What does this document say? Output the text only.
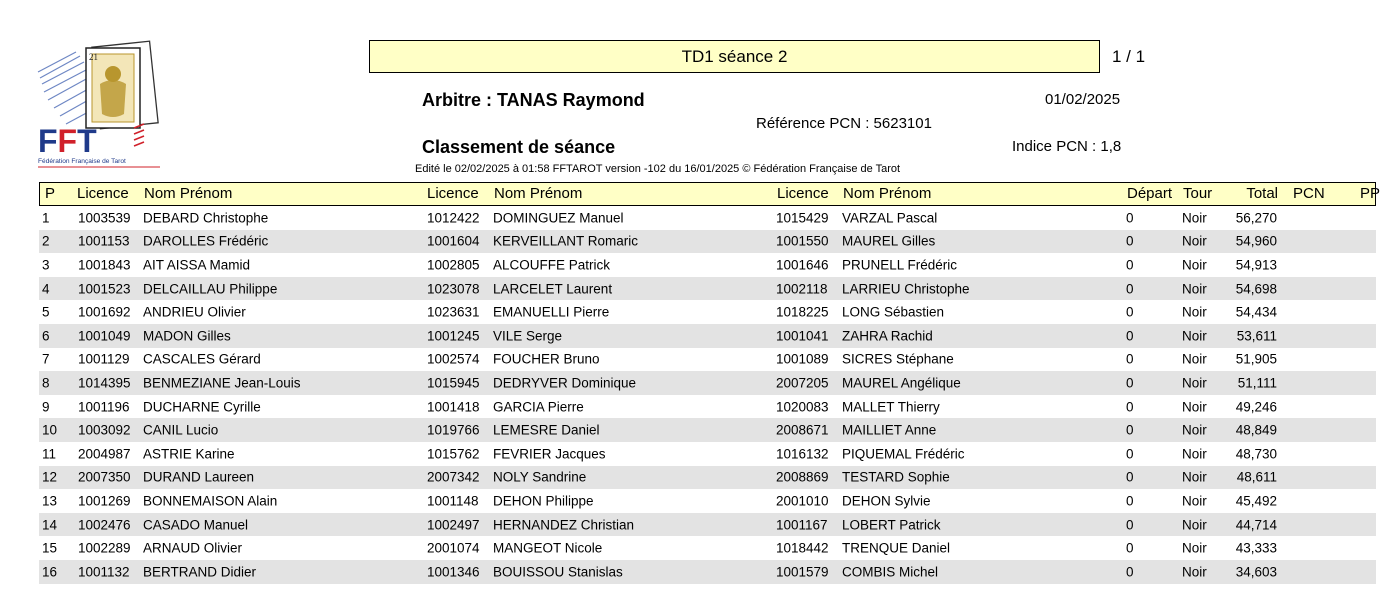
21
FFT
Fédération Française de Tarot
TD1 séance 2	1 / 1
Arbitre : TANAS Raymond	01/02/2025
Référence PCN : 5623101
Classement de séance	Indice PCN : 1,8
Edité le 02/02/2025 à 01:58 FFTAROT version -102 du 16/01/2025 © Fédération Française de Tarot
P Licence Nom Prénom	Licence Nom Prénom	Licence Nom Prénom	Départ Tour Total PCN PP
1 1003539 DEBARD Christophe	1012422 DOMINGUEZ Manuel	1015429 VARZAL Pascal	0	Noir 56,270
2 1001153 DAROLLES Frédéric	1001604 KERVEILLANT Romaric	1001550 MAUREL Gilles	0	Noir 54,960
3 1001843 AIT AISSA Mamid	1002805 ALCOUFFE Patrick	1001646 PRUNELL Frédéric	0	Noir 54,913
4 1001523 DELCAILLAU Philippe	1023078 LARCELET Laurent	1002118 LARRIEU Christophe	0	Noir 54,698
5 1001692 ANDRIEU Olivier	1023631 EMANUELLI Pierre	1018225 LONG Sébastien	0	Noir 54,434
6 1001049 MADON Gilles	1001245 VILE Serge	1001041 ZAHRA Rachid	0	Noir 53,611
7 1001129 CASCALES Gérard	1002574 FOUCHER Bruno	1001089 SICRES Stéphane	0	Noir 51,905
8 1014395 BENMEZIANE Jean-Louis	1015945 DEDRYVER Dominique	2007205 MAUREL Angélique	0	Noir 51,111
9 1001196 DUCHARNE Cyrille	1001418 GARCIA Pierre	1020083 MALLET Thierry	0	Noir 49,246
10 1003092 CANIL Lucio	1019766 LEMESRE Daniel	2008671 MAILLIET Anne	0	Noir 48,849
11 2004987 ASTRIE Karine	1015762 FEVRIER Jacques	1016132 PIQUEMAL Frédéric	0	Noir 48,730
12 2007350 DURAND Laureen	2007342 NOLY Sandrine	2008869 TESTARD Sophie	0	Noir 48,611
13 1001269 BONNEMAISON Alain	1001148 DEHON Philippe	2001010 DEHON Sylvie	0	Noir 45,492
14 1002476 CASADO Manuel	1002497 HERNANDEZ Christian	1001167 LOBERT Patrick	0	Noir 44,714
15 1002289 ARNAUD Olivier	2001074 MANGEOT Nicole	1018442 TRENQUE Daniel	0	Noir 43,333
16 1001132 BERTRAND Didier	1001346 BOUISSOU Stanislas	1001579 COMBIS Michel	0	Noir 34,603
